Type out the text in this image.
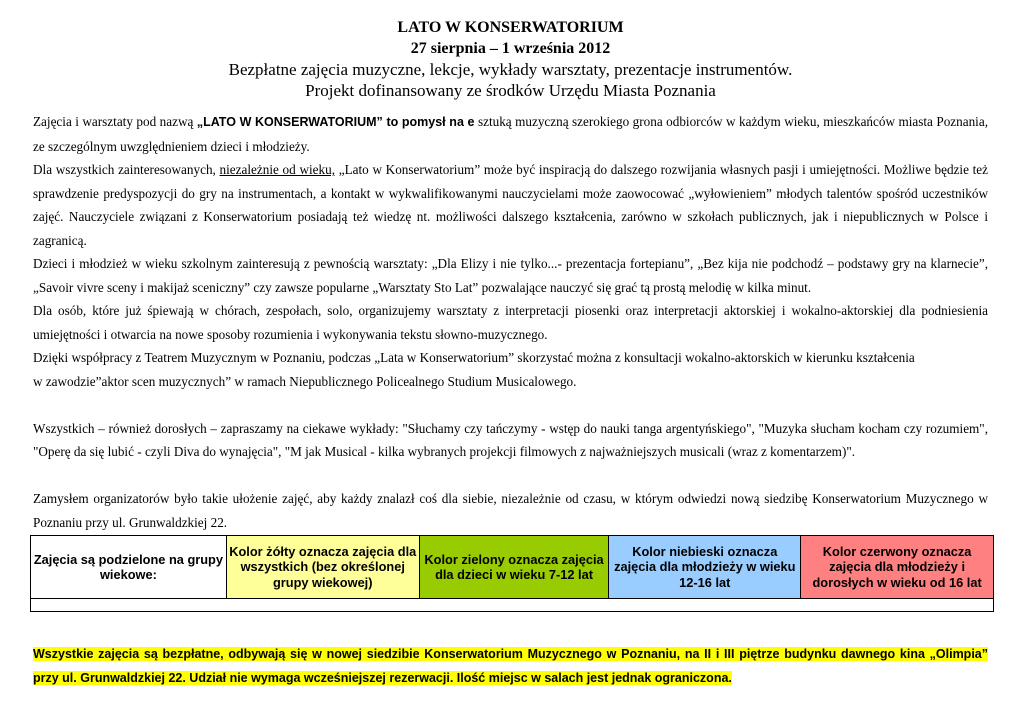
LATO W KONSERWATORIUM
27 sierpnia – 1 września 2012
Bezpłatne zajęcia muzyczne, lekcje, wykłady warsztaty, prezentacje instrumentów.
Projekt dofinansowany ze środków Urzędu Miasta Poznania

Zajęcia i warsztaty pod nazwą „LATO W KONSERWATORIUM” to pomysł na e sztuką muzyczną szerokiego grona odbiorców w każdym wieku, mieszkańców miasta Poznania, ze szczególnym uwzględnieniem dzieci i młodzieży.

Dla wszystkich zainteresowanych, niezależnie od wieku, „Lato w Konserwatorium” może być inspiracją do dalszego rozwijania własnych pasji i umiejętności. Możliwe będzie też sprawdzenie predyspozycji do gry na instrumentach, a kontakt w wykwalifikowanymi nauczycielami może zaowocować „wyłowieniem” młodych talentów spośród uczestników zajęć. Nauczyciele związani z Konserwatorium posiadają też wiedzę nt. możliwości dalszego kształcenia, zarówno w szkołach publicznych, jak i niepublicznych w Polsce i zagranicą.

Dzieci i młodzież w wieku szkolnym zainteresują z pewnością warsztaty: „Dla Elizy i nie tylko...- prezentacja fortepianu”, „Bez kija nie podchodź – podstawy gry na klarnecie”, „Savoir vivre sceny i makijaż sceniczny” czy zawsze popularne „Warsztaty Sto Lat” pozwalające nauczyć się grać tą prostą melodię w kilka minut.

Dla osób, które już śpiewają w chórach, zespołach, solo, organizujemy warsztaty z interpretacji piosenki oraz interpretacji aktorskiej i wokalno-aktorskiej dla podniesienia umiejętności i otwarcia na nowe sposoby rozumienia i wykonywania tekstu słowno-muzycznego.

Dzięki współpracy z Teatrem Muzycznym w Poznaniu, podczas „Lata w Konserwatorium” skorzystać można z konsultacji wokalno-aktorskich w kierunku kształcenia
w zawodzie”aktor scen muzycznych” w ramach Niepublicznego Policealnego Studium Musicalowego.

Wszystkich – również dorosłych – zapraszamy na ciekawe wykłady: "Słuchamy czy tańczymy - wstęp do nauki tanga argentyńskiego", "Muzyka słucham kocham czy rozumiem", "Operę da się lubić - czyli Diva do wynajęcia", "M jak Musical - kilka wybranych projekcji filmowych z najważniejszych musicali (wraz z komentarzem)".

Zamysłem organizatorów było takie ułożenie zajęć, aby każdy znalazł coś dla siebie, niezależnie od czasu, w którym odwiedzi nową siedzibę Konserwatorium Muzycznego w Poznaniu przy ul. Grunwaldzkiej 22.

Zajęcia są podzielone na grupy wiekowe:	Kolor żółty oznacza zajęcia dla wszystkich (bez określonej grupy wiekowej)	Kolor zielony oznacza zajęcia dla dzieci w wieku 7-12 lat	Kolor niebieski oznacza zajęcia dla młodzieży w wieku 12-16 lat	Kolor czerwony oznacza zajęcia dla młodzieży i dorosłych w wieku od 16 lat

Wszystkie zajęcia są bezpłatne, odbywają się w nowej siedzibie Konserwatorium Muzycznego w Poznaniu, na II i III piętrze budynku dawnego kina „Olimpia” przy ul. Grunwaldzkiej 22. Udział nie wymaga wcześniejszej rezerwacji. Ilość miejsc w salach jest jednak ograniczona.
